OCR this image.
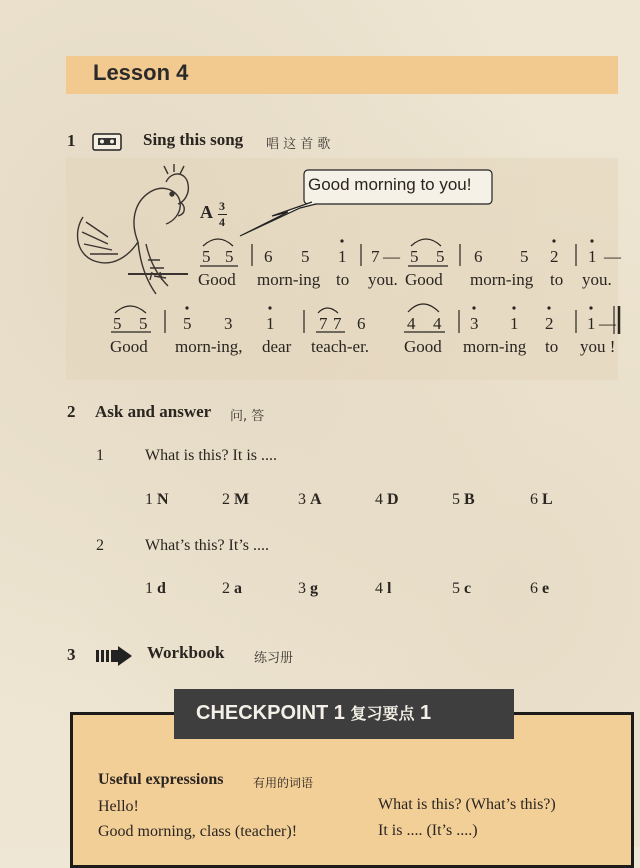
Lesson 4
1	Sing this song 唱 这 首 歌
Good morning to you!
A 3
4
5 5 6 5 1 7 — 5 5 6 5 2 1 —
5 5 5 3 1	7 7 6 4 4 3 1 2 1 —
Good morn-ing to you. Good morn-ing to you.
Good morn-ing, dear teach-er. Good morn-ing to you !
2 Ask and answer 问, 答
1	What is this? It is ....
1 N	2 M	3 A	4 D	5 B	6 L
2	What’s this? It’s ....
1 d	2 a	3 g	4 l	5 c	6 e
3	Workbook 练习册
CHECKPOINT 1 复习要点 1
Useful expressions 有用的词语
Hello!
Good morning, class (teacher)!
What is this? (What’s this?)
It is .... (It’s ....)
